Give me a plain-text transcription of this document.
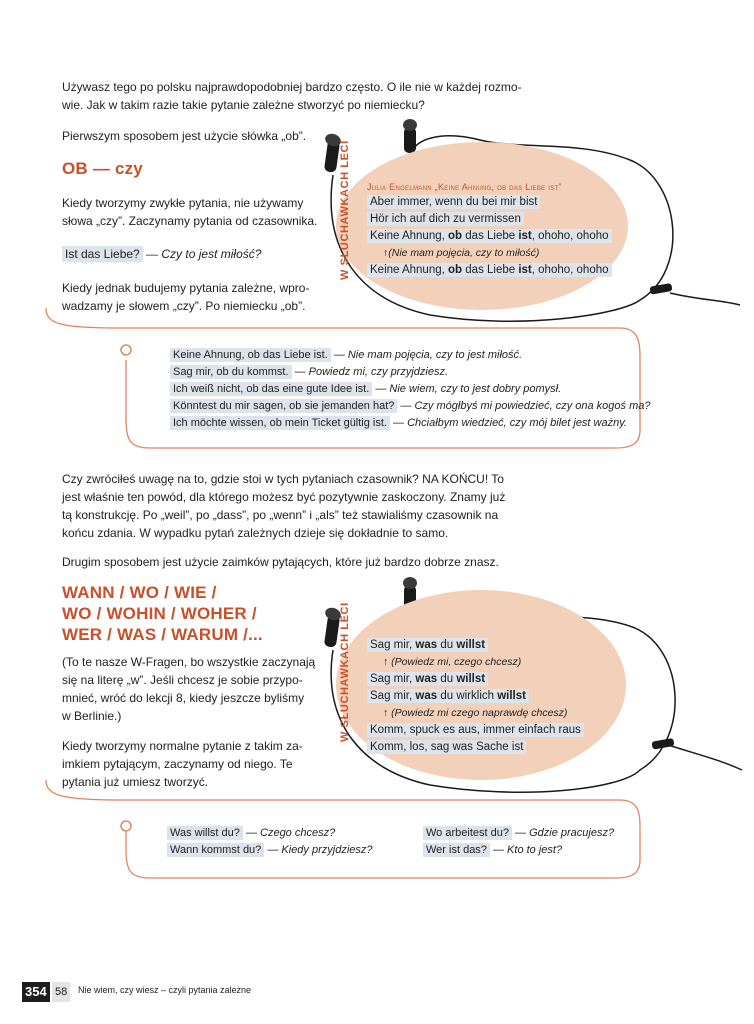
Używasz tego po polsku najprawdopodobniej bardzo często. O ile nie w każdej rozmo-
wie. Jak w takim razie takie pytanie zależne stworzyć po niemiecku?
Pierwszym sposobem jest użycie słówka „ob”.
OB — czy
Kiedy tworzymy zwykłe pytania, nie używamy
słowa „czy”. Zaczynamy pytania od czasownika.
Ist das Liebe? — Czy to jest miłość?
Kiedy jednak budujemy pytania zależne, wpro-
wadzamy je słowem „czy”. Po niemiecku „ob”.
W SŁUCHAWKACH LECI Julia Engelmann „Keine Ahnung, ob das Liebe ist”
Aber immer, wenn du bei mir bist
Hör ich auf dich zu vermissen
Keine Ahnung, ob das Liebe ist, ohoho, ohoho
↑(Nie mam pojęcia, czy to miłość)
Keine Ahnung, ob das Liebe ist, ohoho, ohoho
Keine Ahnung, ob das Liebe ist. — Nie mam pojęcia, czy to jest miłość.
Sag mir, ob du kommst. — Powiedz mi, czy przyjdziesz.
Ich weiß nicht, ob das eine gute Idee ist. — Nie wiem, czy to jest dobry pomysł.
Könntest du mir sagen, ob sie jemanden hat? — Czy mógłbyś mi powiedzieć, czy ona kogoś ma?
Ich möchte wissen, ob mein Ticket gültig ist. — Chciałbym wiedzieć, czy mój bilet jest ważny.
Czy zwróciłeś uwagę na to, gdzie stoi w tych pytaniach czasownik? NA KOŃCU! To
jest właśnie ten powód, dla którego możesz być pozytywnie zaskoczony. Znamy już
tą konstrukcję. Po „weil”, po „dass”, po „wenn” i „als” też stawialiśmy czasownik na
końcu zdania. W wypadku pytań zależnych dzieje się dokładnie to samo.
Drugim sposobem jest użycie zaimków pytających, które już bardzo dobrze znasz.
WANN / WO / WIE /
WO / WOHIN / WOHER /
WER / WAS / WARUM /...
(To te nasze W-Fragen, bo wszystkie zaczynają
się na literę „w”. Jeśli chcesz je sobie przypo-
mnieć, wróć do lekcji 8, kiedy jeszcze byliśmy
w Berlinie.)
Kiedy tworzymy normalne pytanie z takim za-
imkiem pytającym, zaczynamy od niego. Te
pytania już umiesz tworzyć.
W SŁUCHAWKACH LECI Sag mir, was du willst
↑ (Powiedz mi, czego chcesz)
Sag mir, was du willst
Sag mir, was du wirklich willst
↑ (Powiedz mi czego naprawdę chcesz)
Komm, spuck es aus, immer einfach raus
Komm, los, sag was Sache ist
Was willst du? — Czego chcesz?
Wann kommst du? — Kiedy przyjdziesz?
Wo arbeitest du? — Gdzie pracujesz?
Wer ist das? — Kto to jest?
354 58	Nie wiem, czy wiesz – czyli pytania zależne
